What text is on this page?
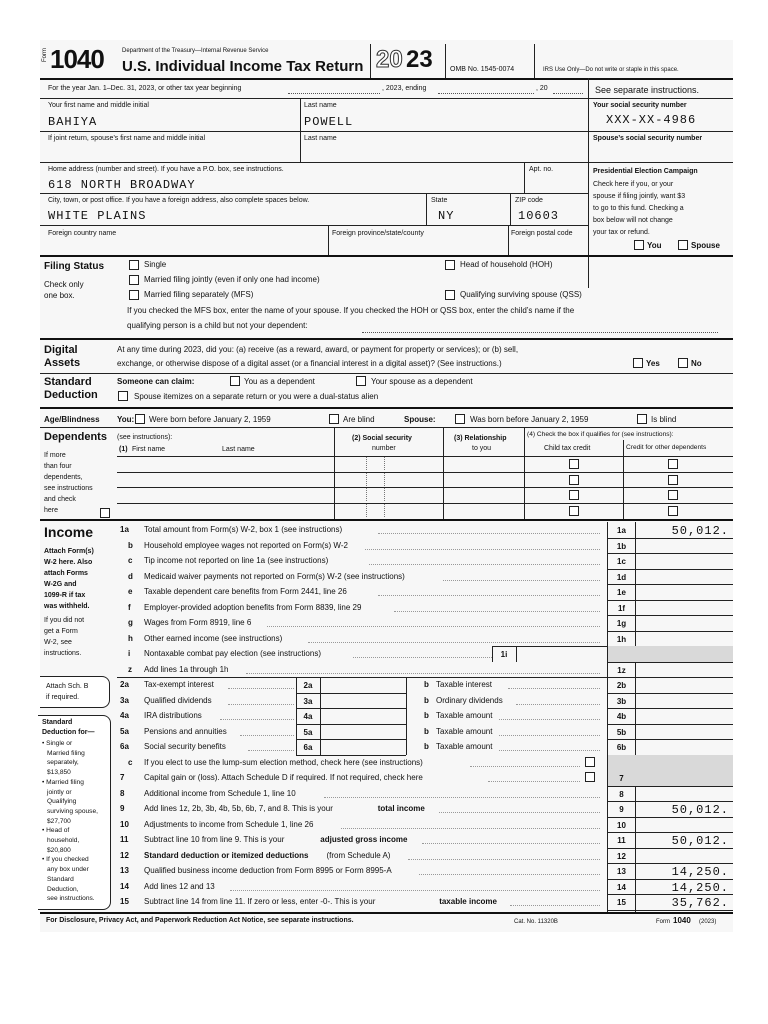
Form 1040	Department of the Treasury—Internal Revenue Service
U.S. Individual Income Tax Return 20 23 OMB No. 1545-0074	IRS Use Only—Do not write or staple in this space.
For the year Jan. 1–Dec. 31, 2023, or other tax year beginning	, 2023, ending	, 20	See separate instructions.
Your first name and middle initial
BAHIYA
Last name
POWELL
Your social security number
XXX-XX-4986
If joint return, spouse’s first name and middle initial	Last name	Spouse’s social security number
Home address (number and street). If you have a P.O. box, see instructions.
618 NORTH BROADWAY
Apt. no.
City, town, or post office. If you have a foreign address, also complete spaces below.
WHITE PLAINS
State
NY
ZIP code
10603
Foreign country name	Foreign province/state/county	Foreign postal code
Presidential Election Campaign
Check here if you, or your
spouse if filing jointly, want $3
to go to this fund. Checking a
box below will not change
your tax or refund.
You	Spouse
Filing Status
Check only
one box.
Single
Married filing jointly (even if only one had income)
Married filing separately (MFS)
Head of household (HOH)
Qualifying surviving spouse (QSS)
If you checked the MFS box, enter the name of your spouse. If you checked the HOH or QSS box, enter the child’s name if the
qualifying person is a child but not your dependent:
Digital
Assets
At any time during 2023, did you: (a) receive (as a reward, award, or payment for property or services); or (b) sell,
exchange, or otherwise dispose of a digital asset (or a financial interest in a digital asset)? (See instructions.)	Yes	No
Standard
Deduction
Someone can claim:	You as a dependent	Your spouse as a dependent
Spouse itemizes on a separate return or you were a dual-status alien
Age/Blindness You: Were born before January 2, 1959	Are blind	Spouse:	Was born before January 2, 1959	Is blind
Dependents (see instructions):
If more
than four
dependents,
see instructions
and check
here
(1) First name	Last name
(2) Social security
number
(3) Relationship
to you
(4) Check the box if qualifies for (see instructions):
Child tax credit	Credit for other dependents
Income
Attach Form(s)
W-2 here. Also
attach Forms
W-2G and
1099-R if tax
was withheld.
If you did not
get a Form
W-2, see
instructions.
Attach Sch. B
if required.
Standard
Deduction for—
• Single or
Married filing
separately,
$13,850
• Married filing
jointly or
Qualifying
surviving spouse,
$27,700
• Head of
household,
$20,800
• If you checked
any box under
Standard
Deduction,
see instructions.
1a Total amount from Form(s) W-2, box 1 (see instructions)	1a	50,012.
b Household employee wages not reported on Form(s) W-2	1b
c Tip income not reported on line 1a (see instructions)	1c
d Medicaid waiver payments not reported on Form(s) W-2 (see instructions)	1d
e Taxable dependent care benefits from Form 2441, line 26	1e
f Employer-provided adoption benefits from Form 8839, line 29	1f
g Wages from Form 8919, line 6	1g
h Other earned income (see instructions)	1h
i Nontaxable combat pay election (see instructions)	1i
z Add lines 1a through 1h	1z
2a Tax-exempt interest	2a	b Taxable interest	2b
3a Qualified dividends	3a	b Ordinary dividends	3b
4a IRA distributions	4a	b Taxable amount	4b
5a Pensions and annuities	5a	b Taxable amount	5b
6a Social security benefits	6a	b Taxable amount	6b
c If you elect to use the lump-sum election method, check here (see instructions)
7 Capital gain or (loss). Attach Schedule D if required. If not required, check here	7
8 Additional income from Schedule 1, line 10	8
9 Add lines 1z, 2b, 3b, 4b, 5b, 6b, 7, and 8. This is your	total income	9	50,012.
10 Adjustments to income from Schedule 1, line 26	10
11 Subtract line 10 from line 9. This is your	adjusted gross income	11	50,012.
12 Standard deduction or itemized deductions (from Schedule A)	12
13 Qualified business income deduction from Form 8995 or Form 8995-A	13	14,250.
14 Add lines 12 and 13	14	14,250.
15 Subtract line 14 from line 11. If zero or less, enter -0-. This is your	taxable income	15	35,762.
For Disclosure, Privacy Act, and Paperwork Reduction Act Notice, see separate instructions.	Cat. No. 11320B	Form 1040 (2023)
